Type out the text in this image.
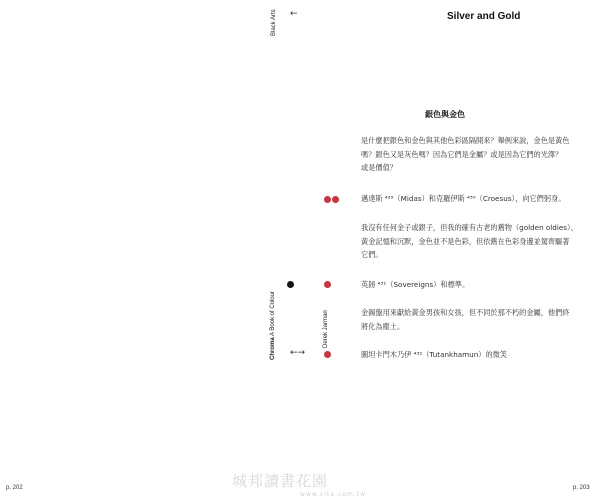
Black Arts
Chroma
A Book of Colour	Derek Jarman
←	Silver and Gold
←→
銀色與金色
是什麼把銀色和金色與其他色彩區隔開來？舉例來說，金色是黃色
嗎？銀色又是灰色嗎？因為它們是金屬？或是因為它們的光澤？
或是價值？
邁達斯 ⁴²⁹（Midas）和克羅伊斯 ⁴³⁰（Croesus），向它們躬身。
我沒有任何金子或銀子，但我的確有古老的舊物（golden oldies）、
黃金記憶和沉默，金色並不是色彩，但依舊在色彩身邊並駕齊驅著
它們。
英鎊 ⁴³¹（Sovereigns）和標準。
金錫盤用來獻給黃金男孩和女孩，但不同於那不朽的金屬，他們終
將化為塵土。
圖坦卡門木乃伊 ⁴³²（Tutankhamun）的微笑
p. 202	p. 203
城邦讀書花園
www.cite.com.tw
